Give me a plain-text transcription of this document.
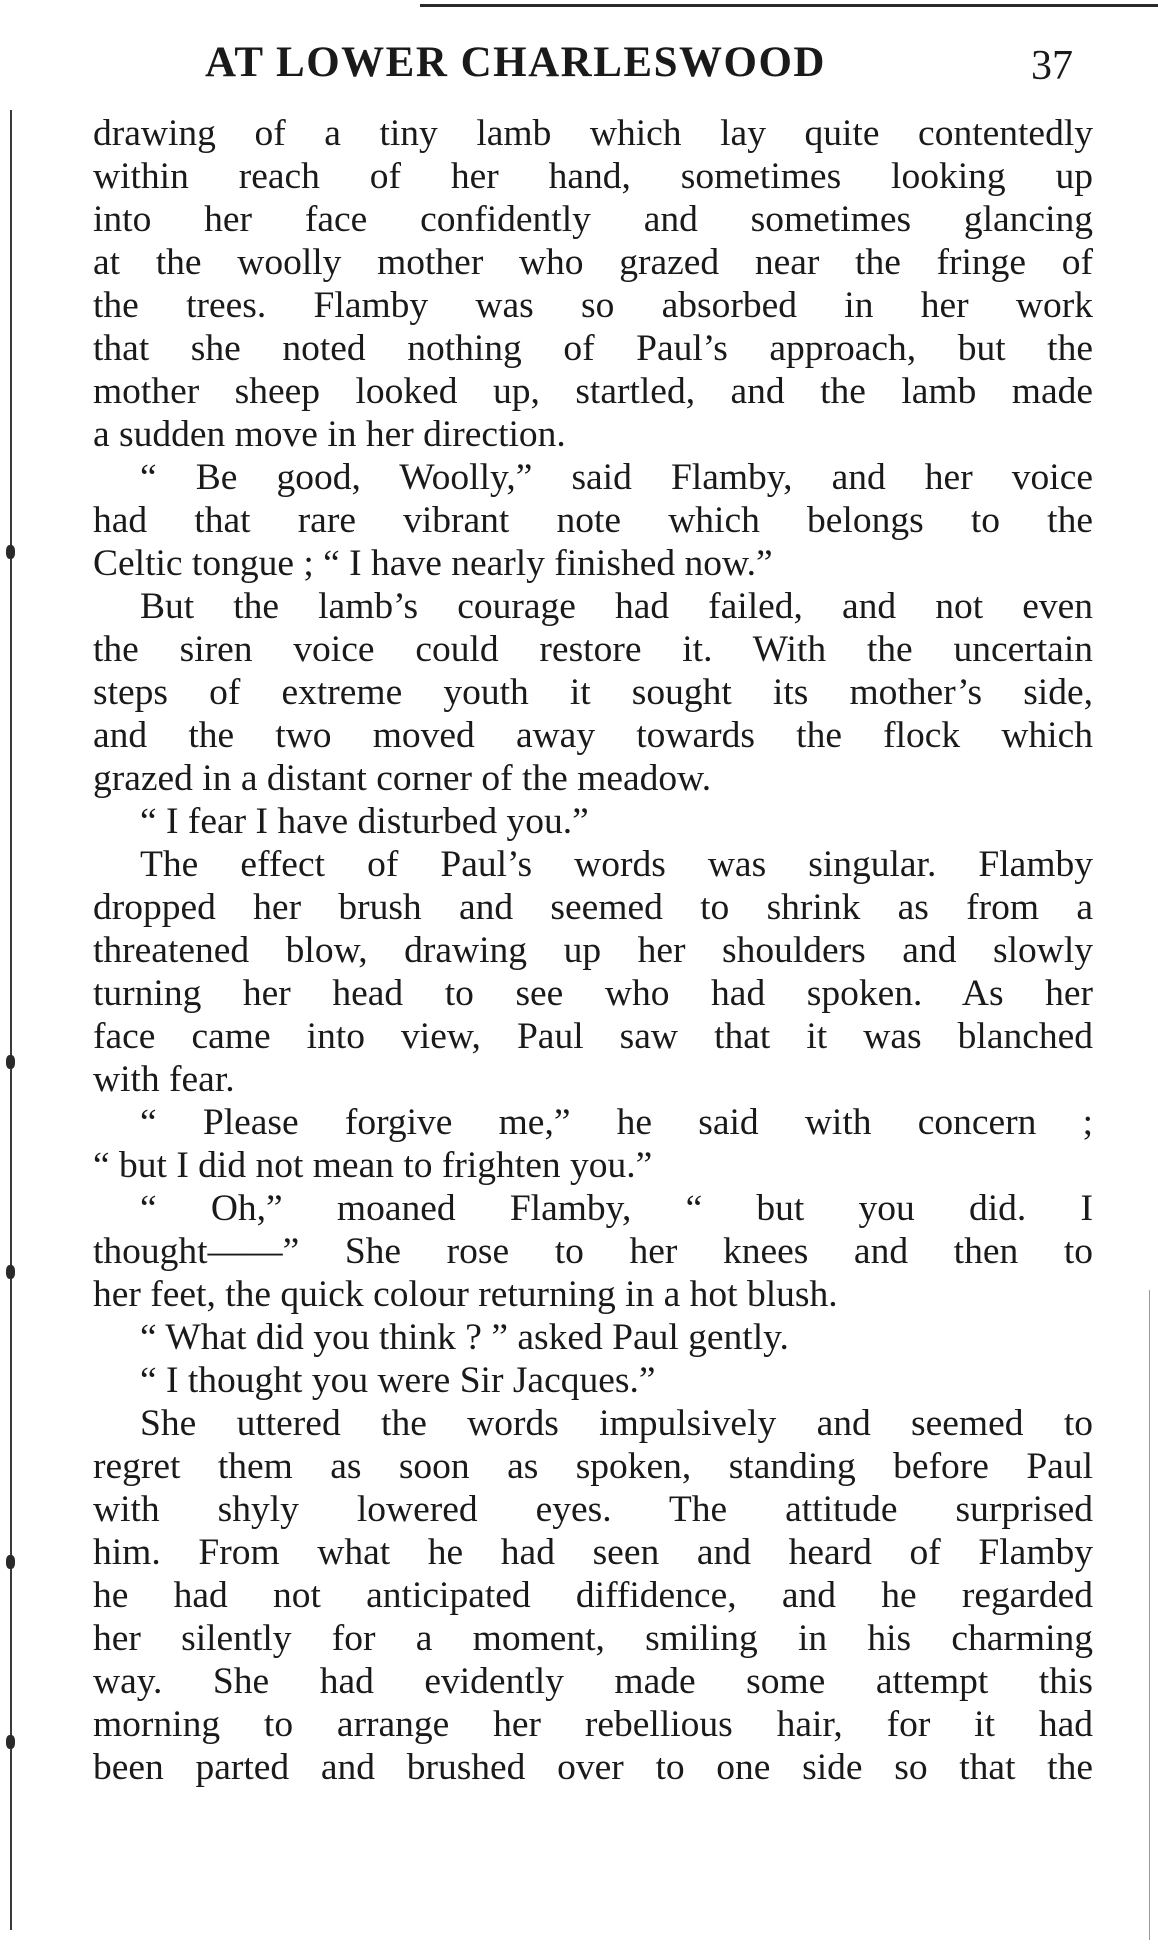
AT LOWER CHARLESWOOD	37
drawing of a tiny lamb which lay quite contentedly
within reach of her hand, sometimes looking up
into her face confidently and sometimes glancing
at the woolly mother who grazed near the fringe of
the trees. Flamby was so absorbed in her work
that she noted nothing of Paul’s approach, but the
mother sheep looked up, startled, and the lamb made
a sudden move in her direction.
“ Be good, Woolly,” said Flamby, and her voice
had that rare vibrant note which belongs to the
Celtic tongue ; “ I have nearly finished now.”
But the lamb’s courage had failed, and not even
the siren voice could restore it. With the uncertain
steps of extreme youth it sought its mother’s side,
and the two moved away towards the flock which
grazed in a distant corner of the meadow.
“ I fear I have disturbed you.”
The effect of Paul’s words was singular. Flamby
dropped her brush and seemed to shrink as from a
threatened blow, drawing up her shoulders and slowly
turning her head to see who had spoken. As her
face came into view, Paul saw that it was blanched
with fear.
“ Please forgive me,” he said with concern ;
“ but I did not mean to frighten you.”
“ Oh,” moaned Flamby, “ but you did. I
thought——” She rose to her knees and then to
her feet, the quick colour returning in a hot blush.
“ What did you think ? ” asked Paul gently.
“ I thought you were Sir Jacques.”
She uttered the words impulsively and seemed to
regret them as soon as spoken, standing before Paul
with shyly lowered eyes. The attitude surprised
him. From what he had seen and heard of Flamby
he had not anticipated diffidence, and he regarded
her silently for a moment, smiling in his charming
way. She had evidently made some attempt this
morning to arrange her rebellious hair, for it had
been parted and brushed over to one side so that the
